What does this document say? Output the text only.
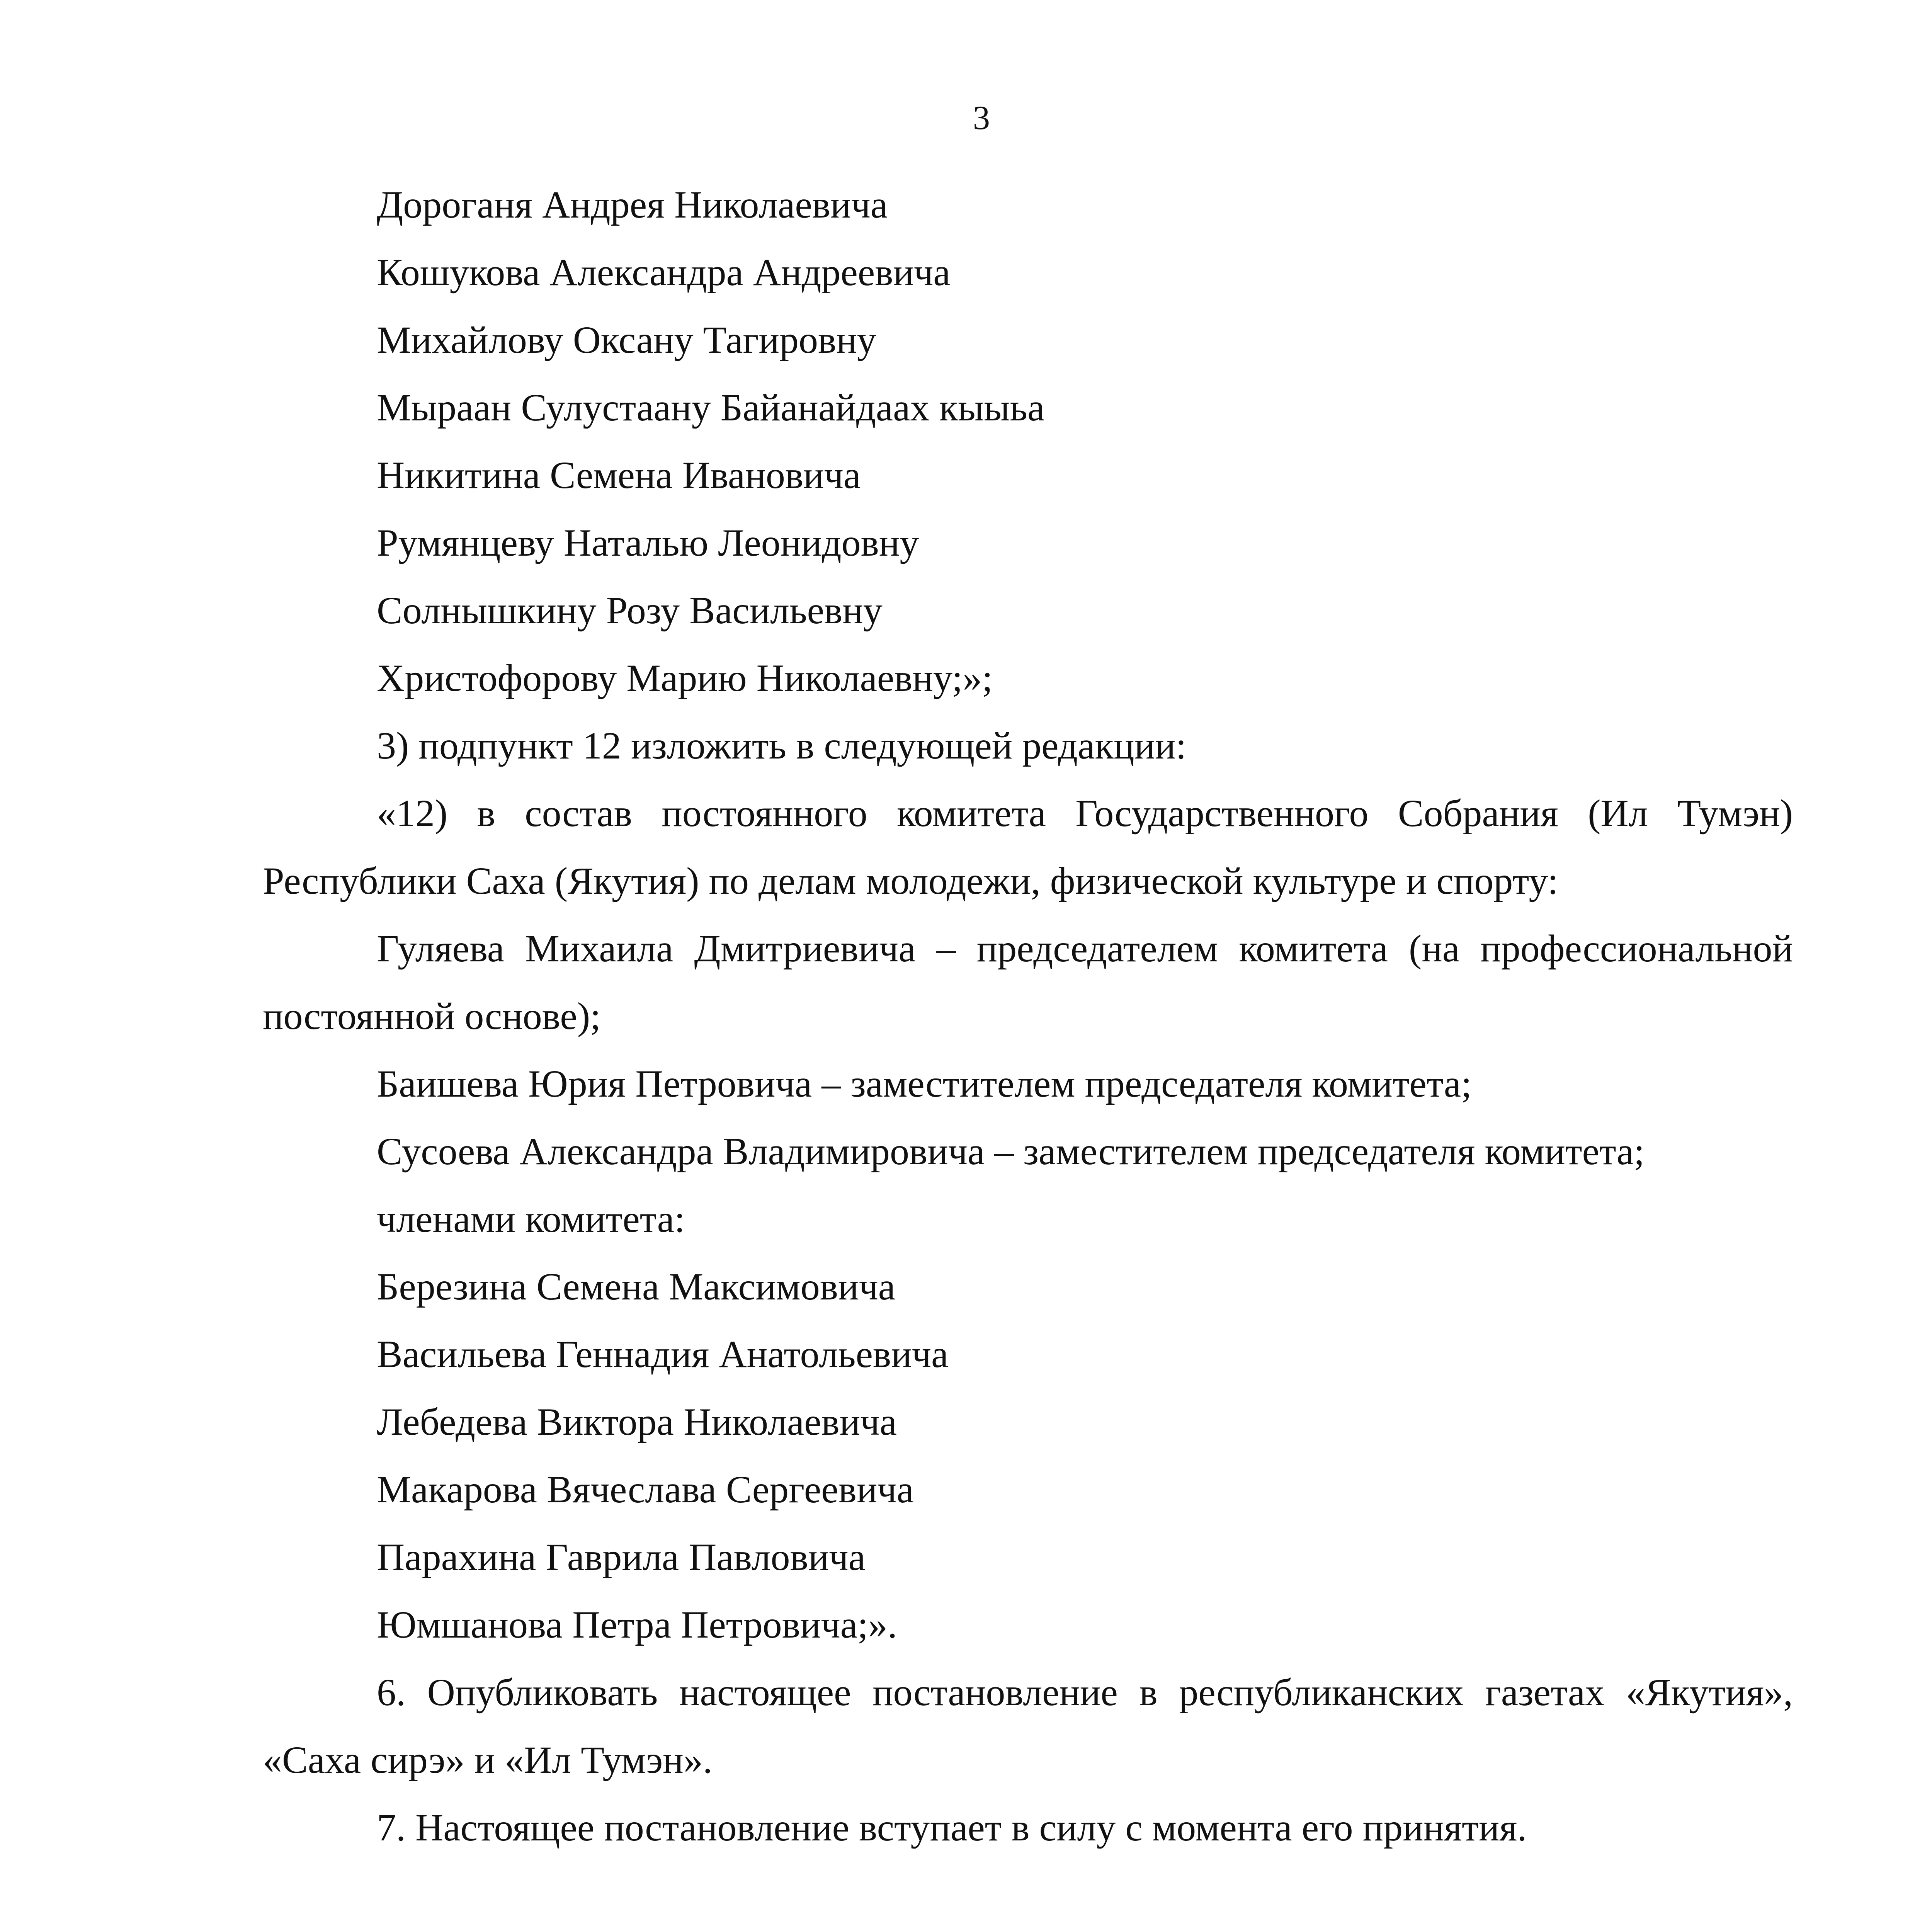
3
Дороганя Андрея Николаевича
Кошукова Александра Андреевича
Михайлову Оксану Тагировну
Мыраан Сулустаану Байанайдаах кыыьа
Никитина Семена Ивановича
Румянцеву Наталью Леонидовну
Солнышкину Розу Васильевну
Христофорову Марию Николаевну;»;
3) подпункт 12 изложить в следующей редакции:
«12) в состав постоянного комитета Государственного Собрания (Ил Тумэн)
Республики Саха (Якутия) по делам молодежи, физической культуре и спорту:
Гуляева Михаила Дмитриевича – председателем комитета (на профессиональной
постоянной основе);
Баишева Юрия Петровича – заместителем председателя комитета;
Сусоева Александра Владимировича – заместителем председателя комитета;
членами комитета:
Березина Семена Максимовича
Васильева Геннадия Анатольевича
Лебедева Виктора Николаевича
Макарова Вячеслава Сергеевича
Парахина Гаврила Павловича
Юмшанова Петра Петровича;».
6. Опубликовать настоящее постановление в республиканских газетах «Якутия»,
«Саха сирэ» и «Ил Тумэн».
7. Настоящее постановление вступает в силу с момента его принятия.
